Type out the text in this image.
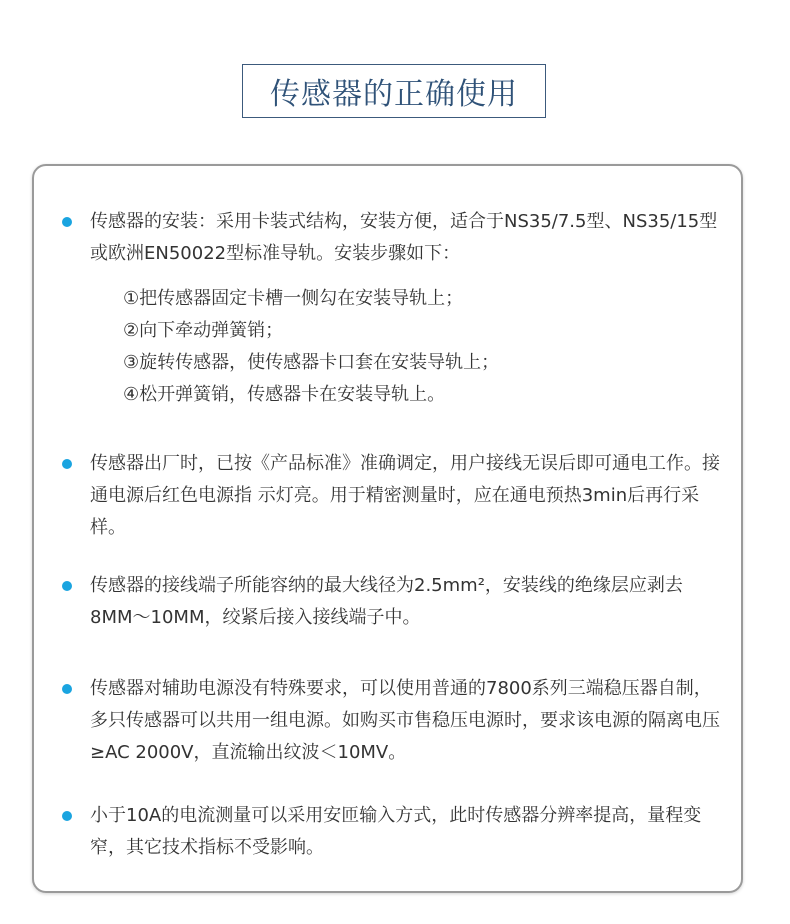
传感器的正确使用
传感器的安装：采用卡装式结构，安装方便，适合于NS35/7.5型、NS35/15型或欧洲EN50022型标准导轨。安装步骤如下：
①把传感器固定卡槽一侧勾在安装导轨上；
②向下牵动弹簧销；
③旋转传感器，使传感器卡口套在安装导轨上；
④松开弹簧销，传感器卡在安装导轨上。
传感器出厂时，已按《产品标准》准确调定，用户接线无误后即可通电工作。接通电源后红色电源指 示灯亮。用于精密测量时，应在通电预热3min后再行采样。
传感器的接线端子所能容纳的最大线径为2.5mm²，安装线的绝缘层应剥去8MM～10MM，绞紧后接入接线端子中。
传感器对辅助电源没有特殊要求，可以使用普通的7800系列三端稳压器自制，多只传感器可以共用一组电源。如购买市售稳压电源时，要求该电源的隔离电压≥AC 2000V，直流输出纹波＜10MV。
小于10A的电流测量可以采用安匝输入方式，此时传感器分辨率提高，量程变窄，其它技术指标不受影响。
